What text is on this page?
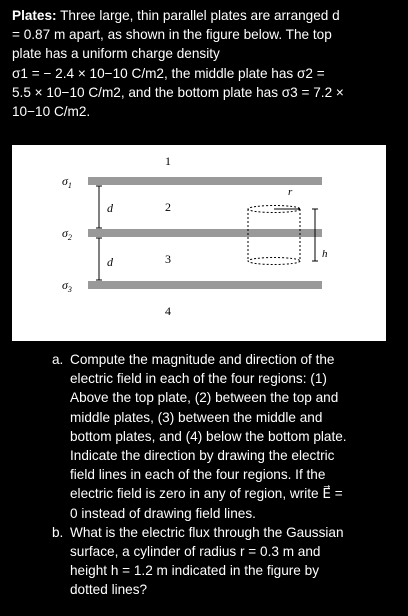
Plates: Three large, thin parallel plates are arranged d
= 0.87 m apart, as shown in the figure below. The top
plate has a uniform charge density
σ1 = − 2.4 × 10−10 C/m2, the middle plate has σ2 =
5.5 × 10−10 C/m2, and the bottom plate has σ3 = 7.2 ×
10−10 C/m2.
$\sigma_1$
$\sigma_2$
$\sigma_3$
1
2
3
4
d
d
r
h
a. Compute the magnitude and direction of the
electric field in each of the four regions: (1)
Above the top plate, (2) between the top and
middle plates, (3) between the middle and
bottom plates, and (4) below the bottom plate.
Indicate the direction by drawing the electric
field lines in each of the four regions. If the
electric field is zero in any of region, write E⃗ =
0 instead of drawing field lines.
b. What is the electric flux through the Gaussian
surface, a cylinder of radius r = 0.3 m and
height h = 1.2 m indicated in the figure by
dotted lines?
